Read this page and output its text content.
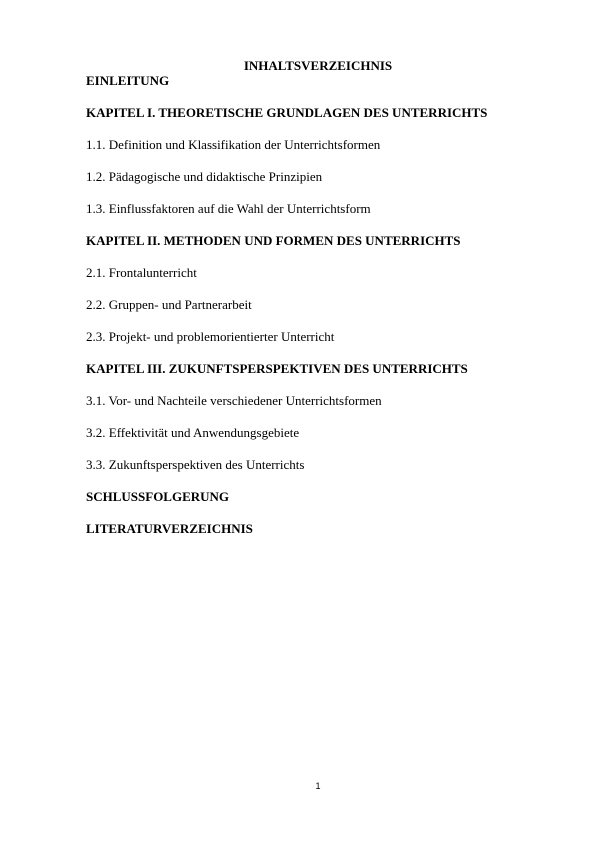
INHALTSVERZEICHNIS
EINLEITUNG
KAPITEL I. THEORETISCHE GRUNDLAGEN DES UNTERRICHTS
1.1. Definition und Klassifikation der Unterrichtsformen
1.2. Pädagogische und didaktische Prinzipien
1.3. Einflussfaktoren auf die Wahl der Unterrichtsform
KAPITEL II. METHODEN UND FORMEN DES UNTERRICHTS
2.1. Frontalunterricht
2.2. Gruppen- und Partnerarbeit
2.3. Projekt- und problemorientierter Unterricht
KAPITEL III. ZUKUNFTSPERSPEKTIVEN DES UNTERRICHTS
3.1. Vor- und Nachteile verschiedener Unterrichtsformen
3.2. Effektivität und Anwendungsgebiete
3.3. Zukunftsperspektiven des Unterrichts
SCHLUSSFOLGERUNG
LITERATURVERZEICHNIS
1
